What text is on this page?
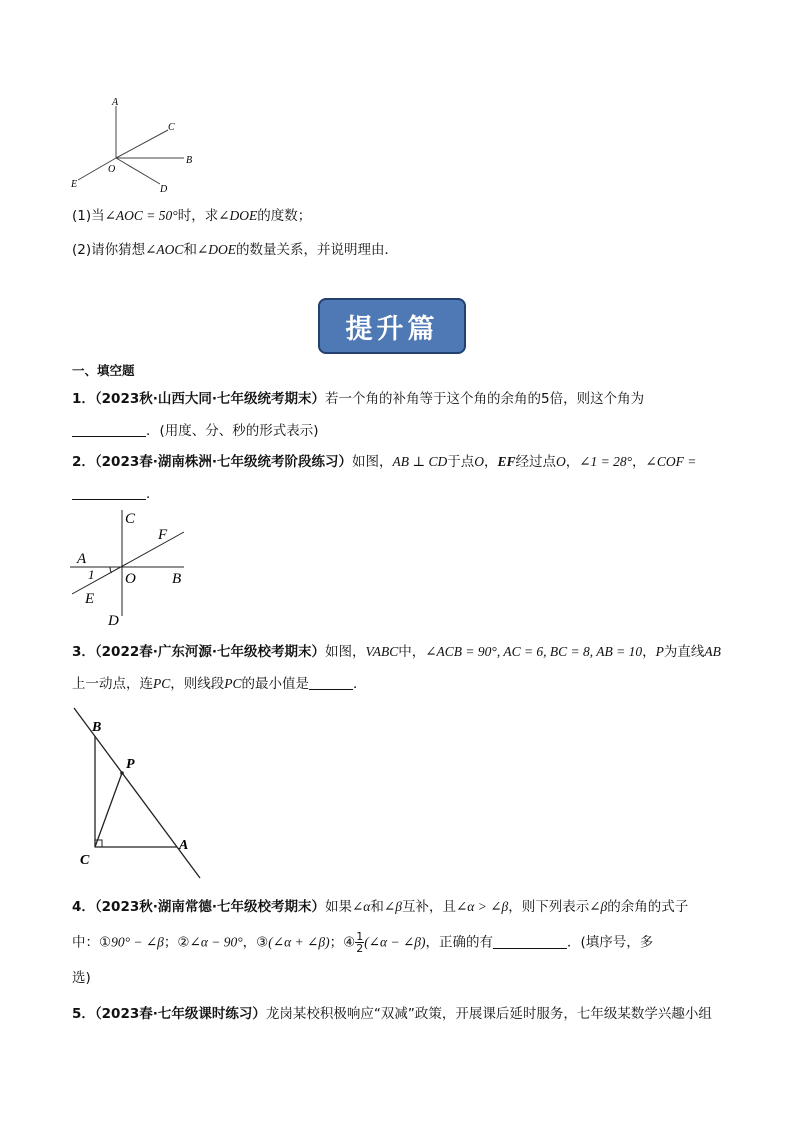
A
C
B
O
E	D
(1)当∠AOC = 50°时，求∠DOE的度数；
(2)请你猜想∠AOC和∠DOE的数量关系，并说明理由．
提升篇
一、填空题
1．（2023秋·山西大同·七年级统考期末）若一个角的补角等于这个角的余角的5倍，则这个角为
．(用度、分、秒的形式表示)
2．（2023春·湖南株洲·七年级统考阶段练习）如图，AB ⊥ CD于点O，EF经过点O，∠1 = 28°，∠COF =
．
C
F
A
1 O B
E
D
3．（2022春·广东河源·七年级校考期末）如图，VABC中，∠ACB = 90°, AC = 6, BC = 8, AB = 10，P为直线AB
上一动点，连PC，则线段PC的最小值是	．
B
P
C
A
4．（2023秋·湖南常德·七年级校考期末）如果∠α和∠β互补，且∠α > ∠β，则下列表示∠β的余角的式子
中：①90° − ∠β；②∠α − 90°，③(∠α + ∠β)；④ $\frac{1}{2}$ (∠α − ∠β)，正确的有	．(填序号，多
选)
5．（2023春·七年级课时练习）龙岗某校积极响应“双减”政策，开展课后延时服务，七年级某数学兴趣小组
